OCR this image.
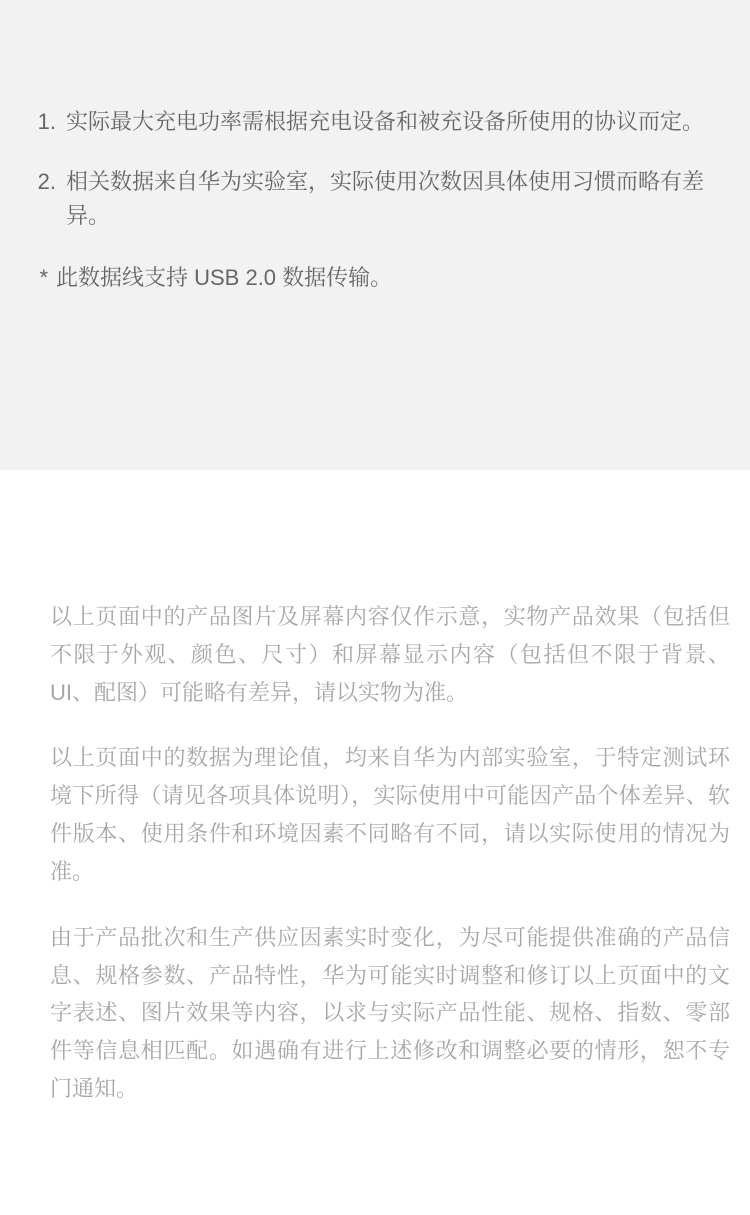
1. 实际最大充电功率需根据充电设备和被充设备所使用的协议而定。
2. 相关数据来自华为实验室，实际使用次数因具体使用习惯而略有差异。
* 此数据线支持 USB 2.0 数据传输。

以上页面中的产品图片及屏幕内容仅作示意，实物产品效果（包括但不限于外观、颜色、尺寸）和屏幕显示内容（包括但不限于背景、UI、配图）可能略有差异，请以实物为准。

以上页面中的数据为理论值，均来自华为内部实验室，于特定测试环境下所得（请见各项具体说明），实际使用中可能因产品个体差异、软件版本、使用条件和环境因素不同略有不同，请以实际使用的情况为准。

由于产品批次和生产供应因素实时变化，为尽可能提供准确的产品信息、规格参数、产品特性，华为可能实时调整和修订以上页面中的文字表述、图片效果等内容，以求与实际产品性能、规格、指数、零部件等信息相匹配。如遇确有进行上述修改和调整必要的情形，恕不专门通知。
